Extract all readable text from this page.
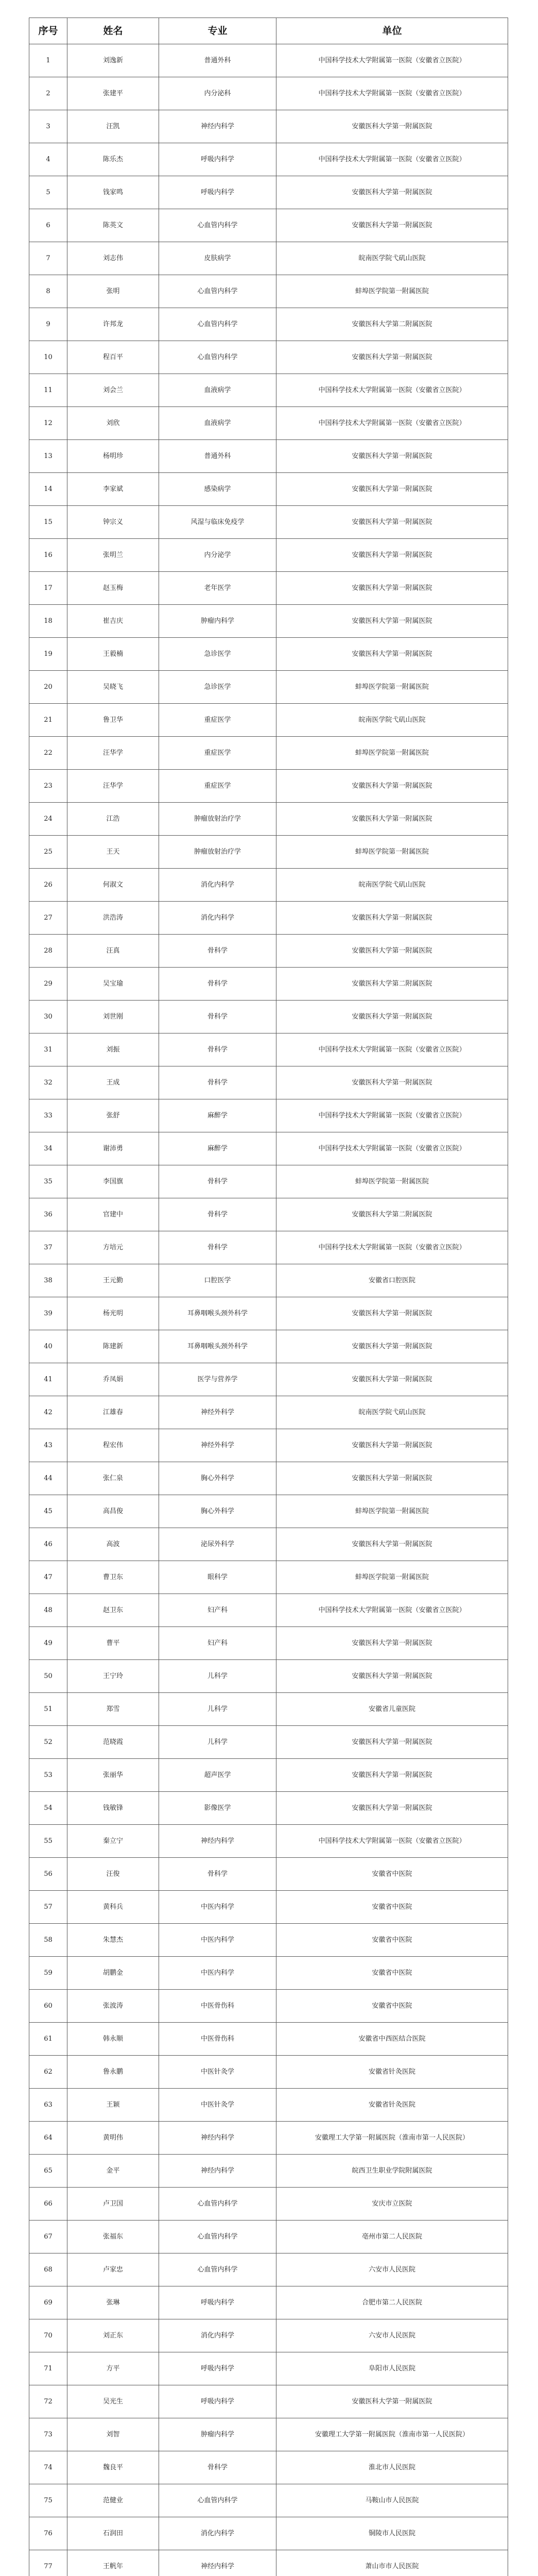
序号	姓名	专业	单位
1	刘逸新	普通外科	中国科学技术大学附属第一医院（安徽省立医院）
2	张建平	内分泌科	中国科学技术大学附属第一医院（安徽省立医院）
3	汪凯	神经内科学	安徽医科大学第一附属医院
4	陈乐杰	呼吸内科学	中国科学技术大学附属第一医院（安徽省立医院）
5	钱家鸣	呼吸内科学	安徽医科大学第一附属医院
6	陈英文	心血管内科学	安徽医科大学第一附属医院
7	刘志伟	皮肤病学	皖南医学院弋矶山医院
8	张明	心血管内科学	蚌埠医学院第一附属医院
9	许邦龙	心血管内科学	安徽医科大学第二附属医院
10	程百平	心血管内科学	安徽医科大学第一附属医院
11	刘会兰	血液病学	中国科学技术大学附属第一医院（安徽省立医院）
12	刘欣	血液病学	中国科学技术大学附属第一医院（安徽省立医院）
13	杨明珍	普通外科	安徽医科大学第一附属医院
14	李家斌	感染病学	安徽医科大学第一附属医院
15	钟宗义	风湿与临床免疫学	安徽医科大学第一附属医院
16	张明兰	内分泌学	安徽医科大学第一附属医院
17	赵玉梅	老年医学	安徽医科大学第一附属医院
18	崔吉庆	肿瘤内科学	安徽医科大学第一附属医院
19	王毅楠	急诊医学	安徽医科大学第一附属医院
20	吴晓飞	急诊医学	蚌埠医学院第一附属医院
21	鲁卫华	重症医学	皖南医学院弋矶山医院
22	汪华学	重症医学	蚌埠医学院第一附属医院
23	汪华学	重症医学	安徽医科大学第一附属医院
24	江浩	肿瘤放射治疗学	安徽医科大学第一附属医院
25	王天	肿瘤放射治疗学	蚌埠医学院第一附属医院
26	何淑文	消化内科学	皖南医学院弋矶山医院
27	洪浩涛	消化内科学	安徽医科大学第一附属医院
28	汪真	骨科学	安徽医科大学第一附属医院
29	吴宝瑜	骨科学	安徽医科大学第二附属医院
30	刘世刚	骨科学	安徽医科大学第一附属医院
31	刘振	骨科学	中国科学技术大学附属第一医院（安徽省立医院）
32	王成	骨科学	安徽医科大学第一附属医院
33	张舒	麻醉学	中国科学技术大学附属第一医院（安徽省立医院）
34	谢沛勇	麻醉学	中国科学技术大学附属第一医院（安徽省立医院）
35	李国旗	骨科学	蚌埠医学院第一附属医院
36	官建中	骨科学	安徽医科大学第二附属医院
37	方培元	骨科学	中国科学技术大学附属第一医院（安徽省立医院）
38	王元勤	口腔医学	安徽省口腔医院
39	杨光明	耳鼻咽喉头颈外科学	安徽医科大学第一附属医院
40	陈建新	耳鼻咽喉头颈外科学	安徽医科大学第一附属医院
41	乔凤娟	医学与营养学	安徽医科大学第一附属医院
42	江雄春	神经外科学	皖南医学院弋矶山医院
43	程宏伟	神经外科学	安徽医科大学第一附属医院
44	张仁泉	胸心外科学	安徽医科大学第一附属医院
45	高昌俊	胸心外科学	蚌埠医学院第一附属医院
46	高波	泌尿外科学	安徽医科大学第一附属医院
47	曹卫东	眼科学	蚌埠医学院第一附属医院
48	赵卫东	妇产科	中国科学技术大学附属第一医院（安徽省立医院）
49	曹平	妇产科	安徽医科大学第一附属医院
50	王宁玲	儿科学	安徽医科大学第一附属医院
51	郑雪	儿科学	安徽省儿童医院
52	范晓霞	儿科学	安徽医科大学第一附属医院
53	张丽华	超声医学	安徽医科大学第一附属医院
54	钱敏锋	影像医学	安徽医科大学第一附属医院
55	秦立宁	神经内科学	中国科学技术大学附属第一医院（安徽省立医院）
56	汪俊	骨科学	安徽省中医院
57	黄科兵	中医内科学	安徽省中医院
58	朱慧杰	中医内科学	安徽省中医院
59	胡鹏金	中医内科学	安徽省中医院
60	张波涛	中医骨伤科	安徽省中医院
61	韩永顺	中医骨伤科	安徽省中西医结合医院
62	鲁永鹏	中医针灸学	安徽省针灸医院
63	王颖	中医针灸学	安徽省针灸医院
64	黄明伟	神经内科学	安徽理工大学第一附属医院（淮南市第一人民医院）
65	金平	神经内科学	皖西卫生职业学院附属医院
66	卢卫国	心血管内科学	安庆市立医院
67	张福东	心血管内科学	亳州市第二人民医院
68	卢家忠	心血管内科学	六安市人民医院
69	张琳	呼吸内科学	合肥市第二人民医院
70	刘正东	消化内科学	六安市人民医院
71	方平	呼吸内科学	阜阳市人民医院
72	吴光生	呼吸内科学	安徽医科大学第一附属医院
73	刘智	肿瘤内科学	安徽理工大学第一附属医院（淮南市第一人民医院）
74	魏良平	骨科学	淮北市人民医院
75	范健业	心血管内科学	马鞍山市人民医院
76	石润田	消化内科学	铜陵市人民医院
77	王帆年	神经内科学	萧山市市人民医院
